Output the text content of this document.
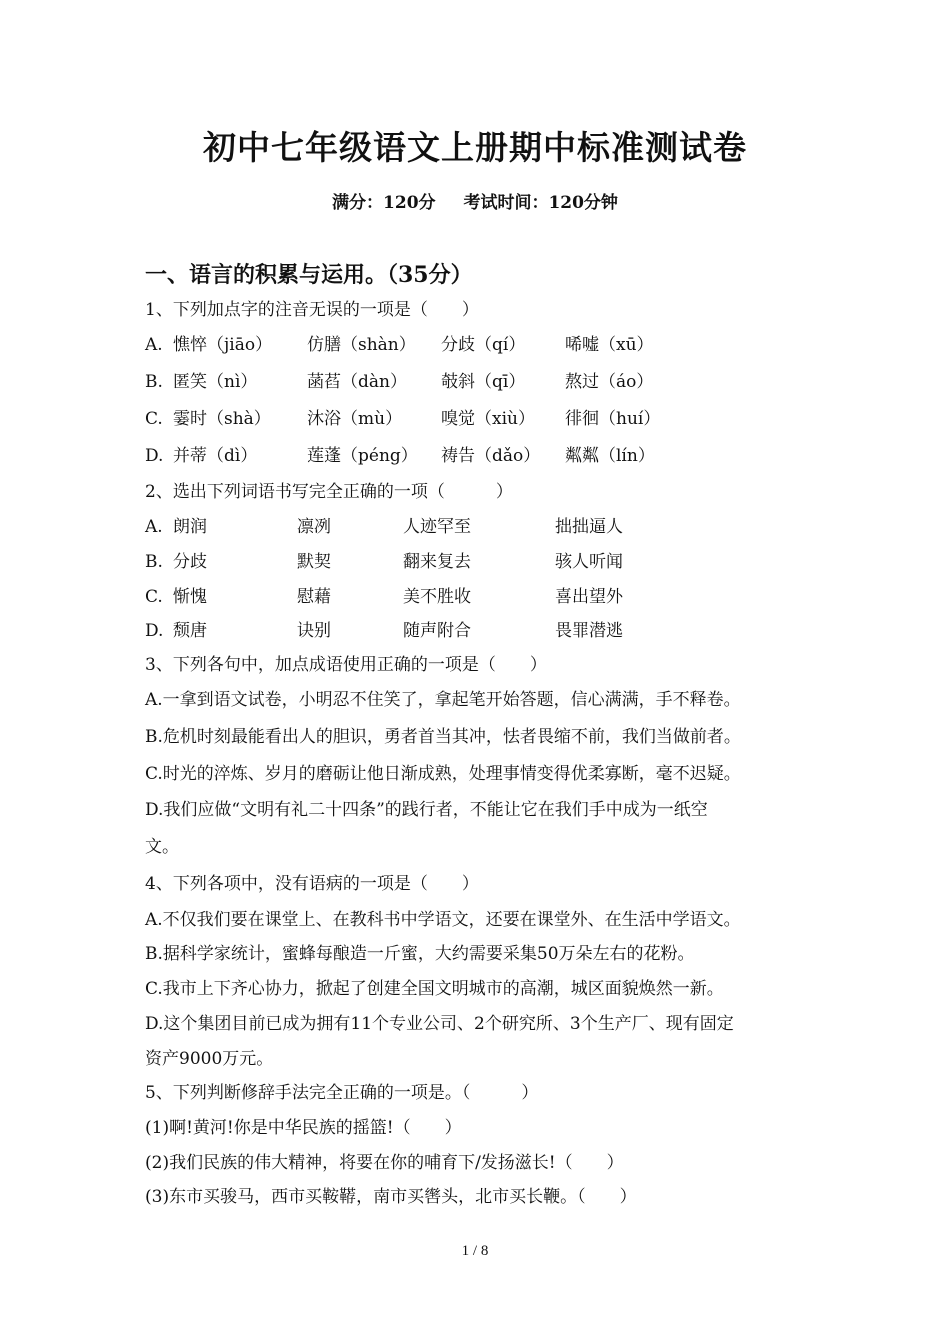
初中七年级语文上册期中标准测试卷
满分：120分 考试时间：120分钟
一、语言的积累与运用。（35分）
1、下列加点字的注音无误的一项是（　　）
A. 憔悴（jiāo）	仿膳（shàn）	分歧（qí）	唏嘘（xū）
B. 匿笑（nì）	菡萏（dàn）	攲斜（qī）	熬过（áo）
C. 霎时（shà）	沐浴（mù）	嗅觉（xiù）	徘徊（huí）
D. 并蒂（dì）	莲蓬（péng）	祷告（dǎo）	粼粼（lín）
2、选出下列词语书写完全正确的一项（　　　）
A. 朗润	凛冽	人迹罕至	拙拙逼人
B. 分歧	默契	翻来复去	骇人听闻
C. 惭愧	慰藉	美不胜收	喜出望外
D. 颓唐	诀别	随声附合	畏罪潜逃
3、下列各句中，加点成语使用正确的一项是（　　）
A.一拿到语文试卷，小明忍不住笑了，拿起笔开始答题，信心满满，手不释卷。
B.危机时刻最能看出人的胆识，勇者首当其冲，怯者畏缩不前，我们当做前者。
C.时光的淬炼、岁月的磨砺让他日渐成熟，处理事情变得优柔寡断，毫不迟疑。
D.我们应做“文明有礼二十四条”的践行者，不能让它在我们手中成为一纸空
文。
4、下列各项中，没有语病的一项是（　　）
A.不仅我们要在课堂上、在教科书中学语文，还要在课堂外、在生活中学语文。
B.据科学家统计，蜜蜂每酿造一斤蜜，大约需要采集50万朵左右的花粉。
C.我市上下齐心协力，掀起了创建全国文明城市的高潮，城区面貌焕然一新。
D.这个集团目前已成为拥有11个专业公司、2个研究所、3个生产厂、现有固定
资产9000万元。
5、下列判断修辞手法完全正确的一项是。（　　　）
(1)啊!黄河!你是中华民族的摇篮!（　　）
(2)我们民族的伟大精神，将要在你的哺育下/发扬滋长!（　　）
(3)东市买骏马，西市买鞍鞯，南市买辔头，北市买长鞭。（　　）
1 / 8
